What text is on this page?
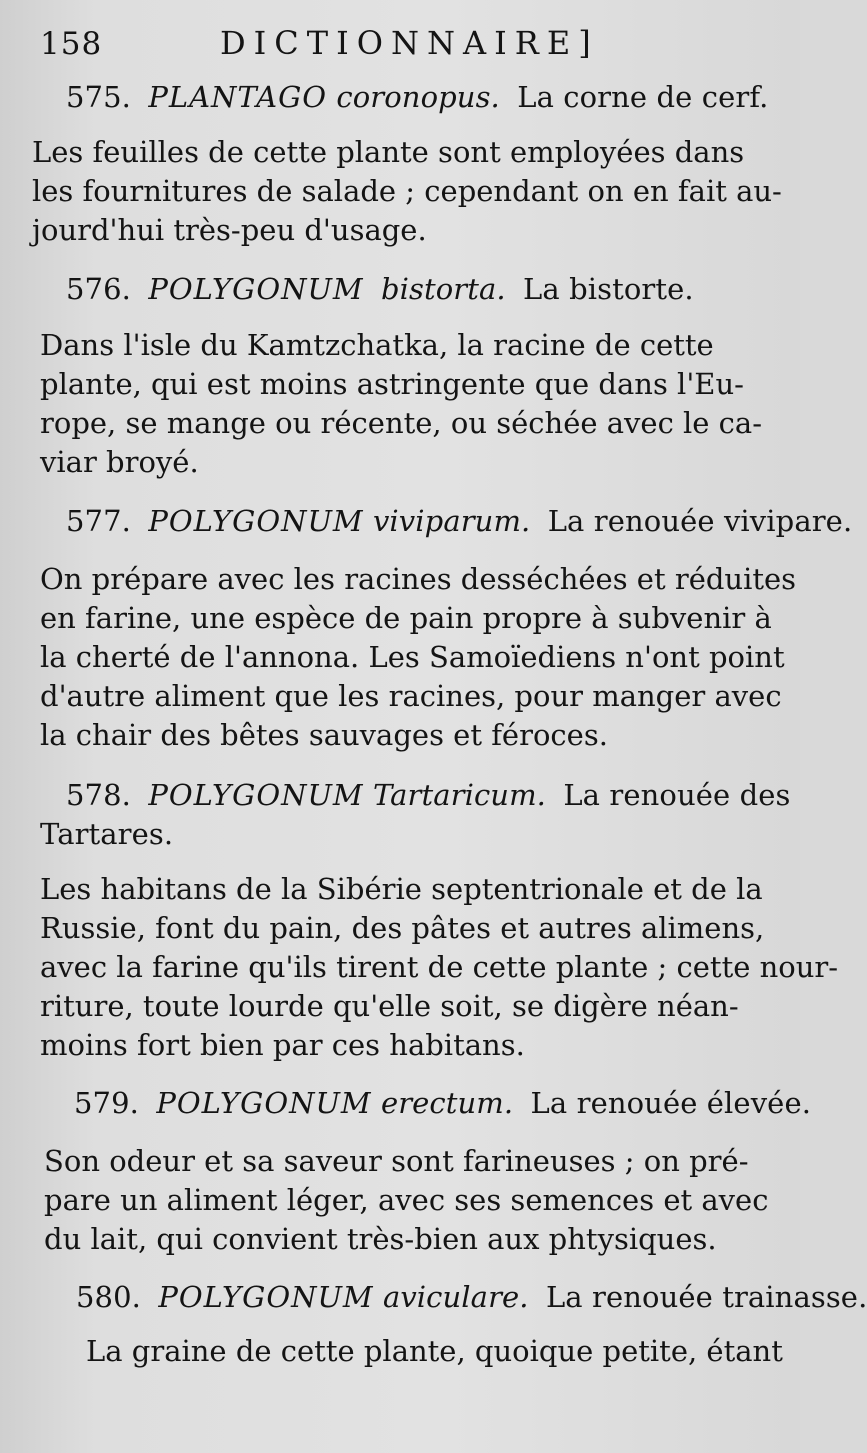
158	DICTIONNAIRE]

575. PLANTAGO coronopus. La corne de cerf.

Les feuilles de cette plante sont employées dans
les fournitures de salade ; cependant on en fait au-
jourd'hui très-peu d'usage.

576. POLYGONUM bistorta. La bistorte.

Dans l'isle du Kamtzchatka, la racine de cette
plante, qui est moins astringente que dans l'Eu-
rope, se mange ou récente, ou séchée avec le ca-
viar broyé.

577. POLYGONUM viviparum. La renouée vivipare.

On prépare avec les racines desséchées et réduites
en farine, une espèce de pain propre à subvenir à
la cherté de l'annona. Les Samoïediens n'ont point
d'autre aliment que les racines, pour manger avec
la chair des bêtes sauvages et féroces.

578. POLYGONUM Tartaricum. La renouée des

Tartares.

Les habitans de la Sibérie septentrionale et de la
Russie, font du pain, des pâtes et autres alimens,
avec la farine qu'ils tirent de cette plante ; cette nour-
riture, toute lourde qu'elle soit, se digère néan-
moins fort bien par ces habitans.

579. POLYGONUM erectum. La renouée élevée.

Son odeur et sa saveur sont farineuses ; on pré-
pare un aliment léger, avec ses semences et avec
du lait, qui convient très-bien aux phtysiques.

580. POLYGONUM aviculare. La renouée trainasse.

La graine de cette plante, quoique petite, étant
